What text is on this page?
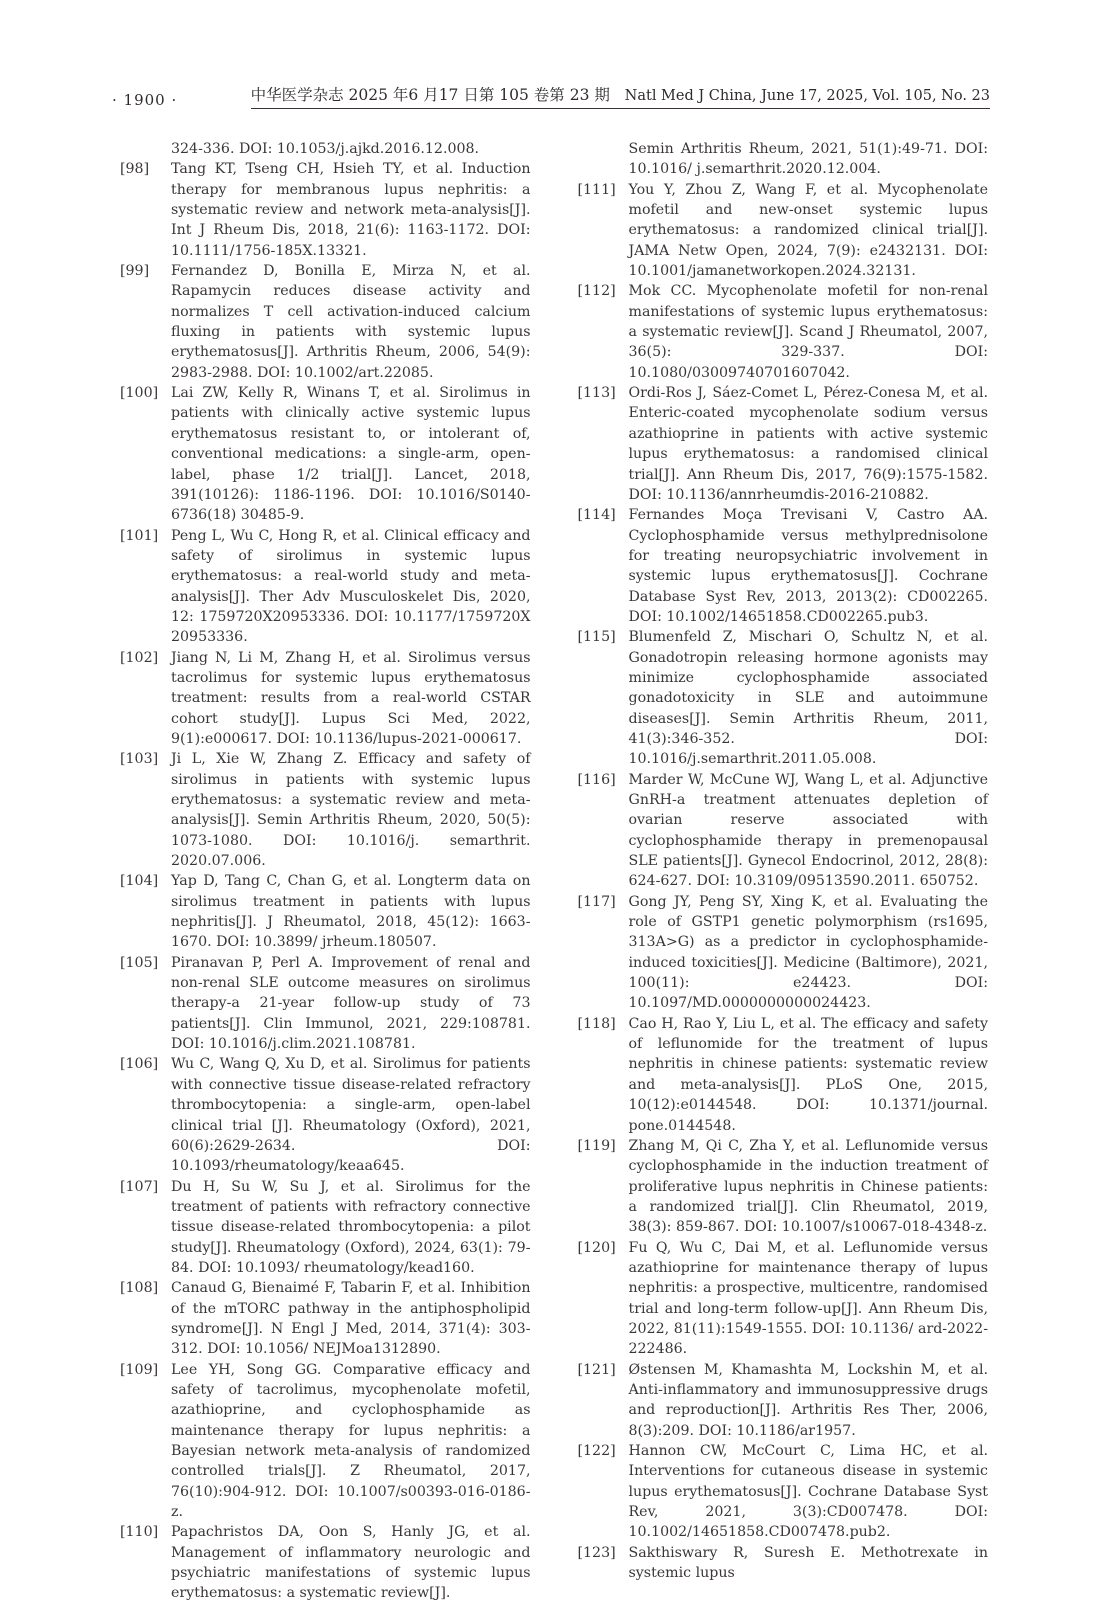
· 1900 ·	中华医学杂志 2025 年6 月17 日第 105 卷第 23 期 Natl Med J China, June 17, 2025, Vol. 105, No. 23
324-336. DOI: 10.1053/j.ajkd.2016.12.008.
[98]	Tang KT, Tseng CH, Hsieh TY, et al. Induction therapy for membranous lupus nephritis: a systematic review and network meta-analysis[J]. Int J Rheum Dis, 2018, 21(6): 1163-1172. DOI: 10.1111/1756-185X.13321.
[99]	Fernandez D, Bonilla E, Mirza N, et al. Rapamycin reduces disease activity and normalizes T cell activation-induced calcium fluxing in patients with systemic lupus erythematosus[J]. Arthritis Rheum, 2006, 54(9): 2983-2988. DOI: 10.1002/art.22085.
[100] Lai ZW, Kelly R, Winans T, et al. Sirolimus in patients with clinically active systemic lupus erythematosus resistant to, or intolerant of, conventional medications: a single-arm, open-label, phase 1/2 trial[J]. Lancet, 2018, 391(10126): 1186-1196. DOI: 10.1016/S0140-6736(18) 30485-9.
[101] Peng L, Wu C, Hong R, et al. Clinical efficacy and safety of sirolimus in systemic lupus erythematosus: a real-world study and meta-analysis[J]. Ther Adv Musculoskelet Dis, 2020, 12: 1759720X20953336. DOI: 10.1177/1759720X 20953336.
[102] Jiang N, Li M, Zhang H, et al. Sirolimus versus tacrolimus for systemic lupus erythematosus treatment: results from a real-world CSTAR cohort study[J]. Lupus Sci Med, 2022, 9(1):e000617. DOI: 10.1136/lupus-2021-000617.
[103] Ji L, Xie W, Zhang Z. Efficacy and safety of sirolimus in patients with systemic lupus erythematosus: a systematic review and meta-analysis[J]. Semin Arthritis Rheum, 2020, 50(5): 1073-1080. DOI: 10.1016/j. semarthrit. 2020.07.006.
[104] Yap D, Tang C, Chan G, et al. Longterm data on sirolimus treatment in patients with lupus nephritis[J]. J Rheumatol, 2018, 45(12): 1663-1670. DOI: 10.3899/ jrheum.180507.
[105] Piranavan P, Perl A. Improvement of renal and non-renal SLE outcome measures on sirolimus therapy-a 21-year follow-up study of 73 patients[J]. Clin Immunol, 2021, 229:108781. DOI: 10.1016/j.clim.2021.108781.
[106] Wu C, Wang Q, Xu D, et al. Sirolimus for patients with connective tissue disease-related refractory thrombocytopenia: a single-arm, open-label clinical trial [J]. Rheumatology (Oxford), 2021, 60(6):2629-2634. DOI: 10.1093/rheumatology/keaa645.
[107] Du H, Su W, Su J, et al. Sirolimus for the treatment of patients with refractory connective tissue disease-related thrombocytopenia: a pilot study[J]. Rheumatology (Oxford), 2024, 63(1): 79-84. DOI: 10.1093/ rheumatology/kead160.
[108] Canaud G, Bienaimé F, Tabarin F, et al. Inhibition of the mTORC pathway in the antiphospholipid syndrome[J]. N Engl J Med, 2014, 371(4): 303-312. DOI: 10.1056/ NEJMoa1312890.
[109] Lee YH, Song GG. Comparative efficacy and safety of tacrolimus, mycophenolate mofetil, azathioprine, and cyclophosphamide as maintenance therapy for lupus nephritis: a Bayesian network meta-analysis of randomized controlled trials[J]. Z Rheumatol, 2017, 76(10):904-912. DOI: 10.1007/s00393-016-0186-z.
[110] Papachristos DA, Oon S, Hanly JG, et al. Management of inflammatory neurologic and psychiatric manifestations of systemic lupus erythematosus: a systematic review[J].
Semin Arthritis Rheum, 2021, 51(1):49-71. DOI: 10.1016/ j.semarthrit.2020.12.004.
[111] You Y, Zhou Z, Wang F, et al. Mycophenolate mofetil and new-onset systemic lupus erythematosus: a randomized clinical trial[J]. JAMA Netw Open, 2024, 7(9): e2432131. DOI: 10.1001/jamanetworkopen.2024.32131.
[112] Mok CC. Mycophenolate mofetil for non-renal manifestations of systemic lupus erythematosus: a systematic review[J]. Scand J Rheumatol, 2007, 36(5): 329-337. DOI: 10.1080/03009740701607042.
[113] Ordi-Ros J, Sáez-Comet L, Pérez-Conesa M, et al. Enteric-coated mycophenolate sodium versus azathioprine in patients with active systemic lupus erythematosus: a randomised clinical trial[J]. Ann Rheum Dis, 2017, 76(9):1575-1582. DOI: 10.1136/annrheumdis-2016-210882.
[114] Fernandes Moça Trevisani V, Castro AA. Cyclophosphamide versus methylprednisolone for treating neuropsychiatric involvement in systemic lupus erythematosus[J]. Cochrane Database Syst Rev, 2013, 2013(2): CD002265. DOI: 10.1002/14651858.CD002265.pub3.
[115] Blumenfeld Z, Mischari O, Schultz N, et al. Gonadotropin releasing hormone agonists may minimize cyclophosphamide associated gonadotoxicity in SLE and autoimmune diseases[J]. Semin Arthritis Rheum, 2011, 41(3):346-352. DOI: 10.1016/j.semarthrit.2011.05.008.
[116] Marder W, McCune WJ, Wang L, et al. Adjunctive GnRH-a treatment attenuates depletion of ovarian reserve associated with cyclophosphamide therapy in premenopausal SLE patients[J]. Gynecol Endocrinol, 2012, 28(8): 624-627. DOI: 10.3109/09513590.2011. 650752.
[117] Gong JY, Peng SY, Xing K, et al. Evaluating the role of GSTP1 genetic polymorphism (rs1695, 313A>G) as a predictor in cyclophosphamide-induced toxicities[J]. Medicine (Baltimore), 2021, 100(11): e24423. DOI: 10.1097/MD.0000000000024423.
[118] Cao H, Rao Y, Liu L, et al. The efficacy and safety of leflunomide for the treatment of lupus nephritis in chinese patients: systematic review and meta-analysis[J]. PLoS One, 2015, 10(12):e0144548. DOI: 10.1371/journal. pone.0144548.
[119] Zhang M, Qi C, Zha Y, et al. Leflunomide versus cyclophosphamide in the induction treatment of proliferative lupus nephritis in Chinese patients: a randomized trial[J]. Clin Rheumatol, 2019, 38(3): 859-867. DOI: 10.1007/s10067-018-4348-z.
[120] Fu Q, Wu C, Dai M, et al. Leflunomide versus azathioprine for maintenance therapy of lupus nephritis: a prospective, multicentre, randomised trial and long-term follow-up[J]. Ann Rheum Dis, 2022, 81(11):1549-1555. DOI: 10.1136/ ard-2022-222486.
[121] Østensen M, Khamashta M, Lockshin M, et al. Anti-inflammatory and immunosuppressive drugs and reproduction[J]. Arthritis Res Ther, 2006, 8(3):209. DOI: 10.1186/ar1957.
[122] Hannon CW, McCourt C, Lima HC, et al. Interventions for cutaneous disease in systemic lupus erythematosus[J]. Cochrane Database Syst Rev, 2021, 3(3):CD007478. DOI: 10.1002/14651858.CD007478.pub2.
[123] Sakthiswary R, Suresh E. Methotrexate in systemic lupus
